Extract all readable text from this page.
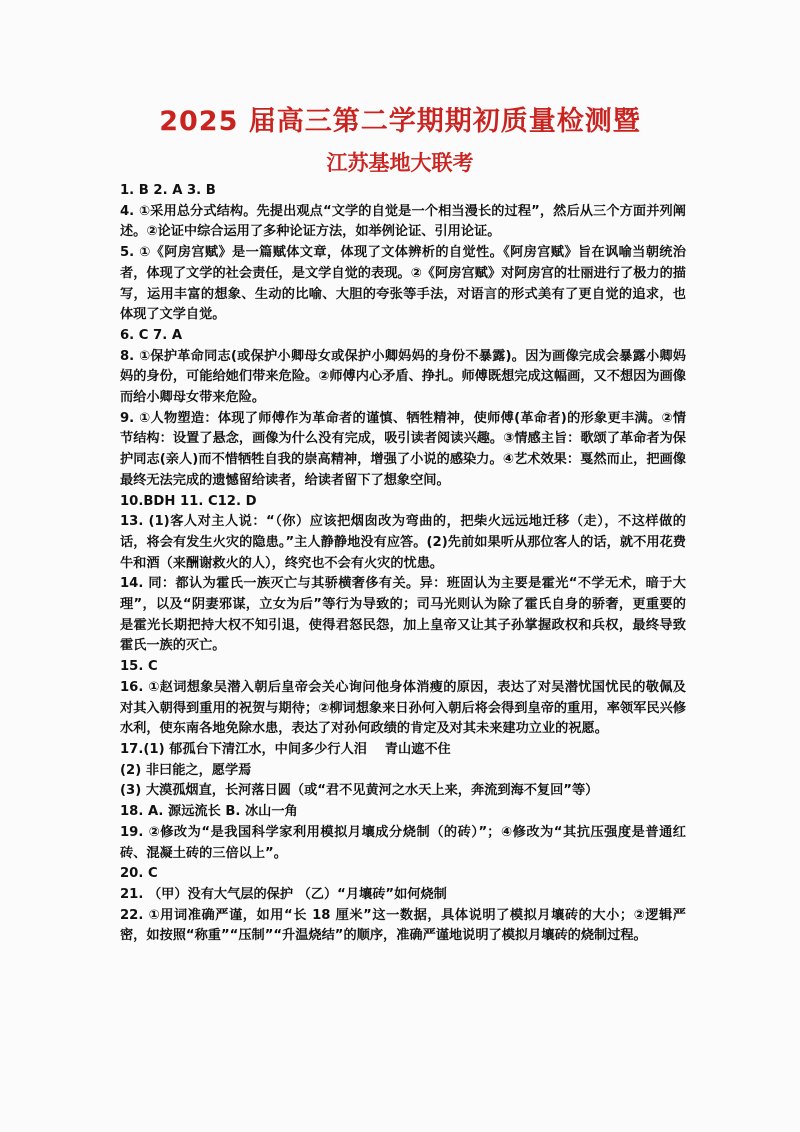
2025 届高三第二学期期初质量检测暨
江苏基地大联考

1. B 2. A 3. B

4. ①采用总分式结构。先提出观点“文学的自觉是一个相当漫长的过程”，然后从三个方面并列阐述。②论证中综合运用了多种论证方法，如举例论证、引用论证。

5. ①《阿房宫赋》是一篇赋体文章，体现了文体辨析的自觉性。《阿房宫赋》旨在讽喻当朝统治者，体现了文学的社会责任，是文学自觉的表现。②《阿房宫赋》对阿房宫的壮丽进行了极力的描写，运用丰富的想象、生动的比喻、大胆的夸张等手法，对语言的形式美有了更自觉的追求，也体现了文学自觉。

6. C 7. A

8. ①保护革命同志(或保护小卿母女或保护小卿妈妈的身份不暴露)。因为画像完成会暴露小卿妈妈的身份，可能给她们带来危险。②师傅内心矛盾、挣扎。师傅既想完成这幅画，又不想因为画像而给小卿母女带来危险。

9. ①人物塑造：体现了师傅作为革命者的谨慎、牺牲精神，使师傅(革命者)的形象更丰满。②情节结构：设置了悬念，画像为什么没有完成，吸引读者阅读兴趣。③情感主旨：歌颂了革命者为保护同志(亲人)而不惜牺牲自我的崇高精神，增强了小说的感染力。④艺术效果：戛然而止，把画像最终无法完成的遗憾留给读者，给读者留下了想象空间。

10.BDH 11. C12. D

13. (1)客人对主人说：“（你）应该把烟囱改为弯曲的，把柴火远远地迁移（走），不这样做的话，将会有发生火灾的隐患。”主人静静地没有应答。(2)先前如果听从那位客人的话，就不用花费牛和酒（来酬谢救火的人），终究也不会有火灾的忧患。

14. 同：都认为霍氏一族灭亡与其骄横奢侈有关。异：班固认为主要是霍光“不学无术，暗于大理”，以及“阴妻邪谋，立女为后”等行为导致的；司马光则认为除了霍氏自身的骄奢，更重要的是霍光长期把持大权不知引退，使得君怒民怨，加上皇帝又让其子孙掌握政权和兵权，最终导致霍氏一族的灭亡。

15. C

16. ①赵词想象吴潜入朝后皇帝会关心询问他身体消瘦的原因，表达了对吴潜忧国忧民的敬佩及对其入朝得到重用的祝贺与期待；②柳词想象来日孙何入朝后将会得到皇帝的重用，率领军民兴修水利，使东南各地免除水患，表达了对孙何政绩的肯定及对其未来建功立业的祝愿。

17.(1) 郁孤台下清江水，中间多少行人泪　 青山遮不住

(2) 非曰能之，愿学焉

(3) 大漠孤烟直，长河落日圆（或“君不见黄河之水天上来，奔流到海不复回”等）

18. A. 源远流长 B. 冰山一角

19. ②修改为“是我国科学家利用模拟月壤成分烧制（的砖）”；④修改为“其抗压强度是普通红砖、混凝土砖的三倍以上”。

20. C

21. （甲）没有大气层的保护 （乙）“月壤砖”如何烧制

22. ①用词准确严谨，如用“长 18 厘米”这一数据，具体说明了模拟月壤砖的大小；②逻辑严密，如按照“称重”“压制”“升温烧结”的顺序，准确严谨地说明了模拟月壤砖的烧制过程。
